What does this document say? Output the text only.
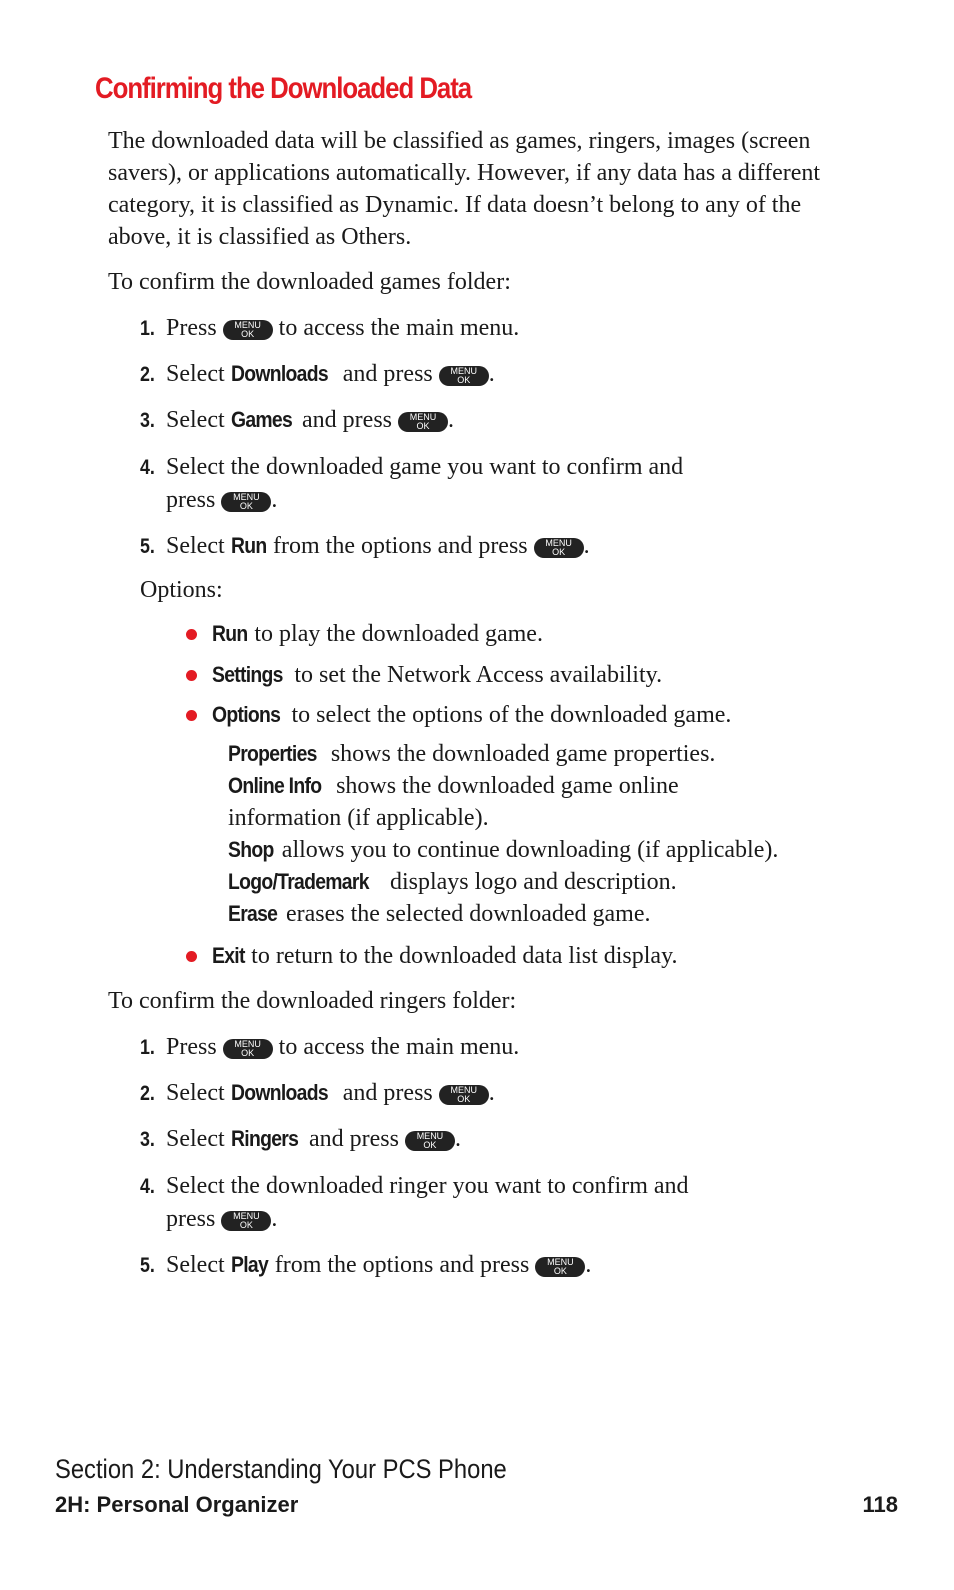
Confirming the Downloaded Data

The downloaded data will be classified as games, ringers, images (screen savers), or applications automatically. However, if any data has a different category, it is classified as Dynamic. If data doesn’t belong to any of the above, it is classified as Others.

To confirm the downloaded games folder:

1. Press	MENU
OK	to access the main menu.
2. Select Downloads and press	MENU
OK .
3. Select Games and press	MENU
OK .
4. Select the downloaded game you want to confirm and
press	MENU
OK .
5. Select Run from the options and press	MENU
OK .
Options:
Run to play the downloaded game.
Settings to set the Network Access availability.
Options to select the options of the downloaded game.
Exit to return to the downloaded data list display.
Properties shows the downloaded game properties.
Online Info shows the downloaded game online
information (if applicable).
Shop allows you to continue downloading (if applicable).
Logo/Trademark displays logo and description.
Erase erases the selected downloaded game.

To confirm the downloaded ringers folder:

1. Press	MENU
OK	to access the main menu.
2. Select Downloads and press	MENU
OK .
3. Select Ringers and press	MENU
OK .
4. Select the downloaded ringer you want to confirm and
press	MENU
OK .
5. Select Play from the options and press	MENU
OK .
Section 2: Understanding Your PCS Phone
2H: Personal Organizer	118
